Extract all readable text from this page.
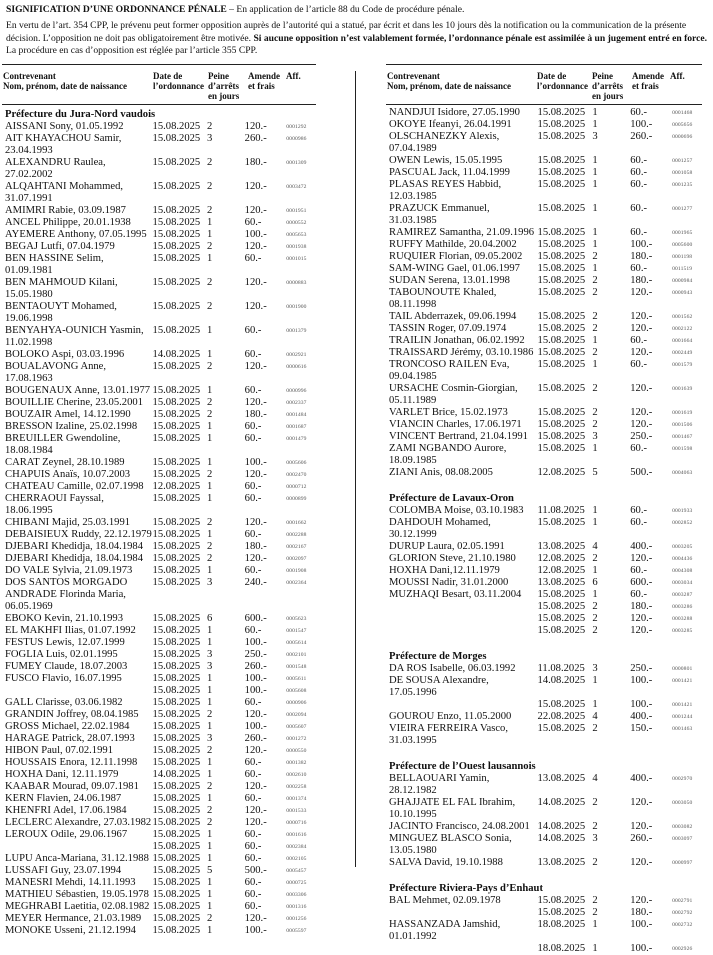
SIGNIFICATION D’UNE ORDONNANCE PÉNALE – En application de l’article 88 du Code de procédure pénale.

En vertu de l’art. 354 CPP, le prévenu peut former opposition auprès de l’autorité qui a statué, par écrit et dans les 10 jours dès la notification ou la communication de la présente décision. L’opposition ne doit pas obligatoirement être motivée. Si aucune opposition n’est valablement formée, l’ordonnance pénale est assimilée à un jugement entré en force. La procédure en cas d’opposition est réglée par l’article 355 CPP.

Contrevenant
Nom, prénom, date de naissance
Date de
l’ordonnance
Peine
d’arrêts
en jours
Amende
et frais
Aff.
Préfecture du Jura-Nord vaudois
AISSANI Sony, 01.05.1992	15.08.2025 2	120.-	0001292
AIT KHAYACHOU Samir, 23.04.1993
15.08.2025 3	260.-	0000986
ALEXANDRU Raulea, 27.02.2002
15.08.2025 2	180.-	0001309
ALQAHTANI Mohammed, 31.07.1991
15.08.2025 2	120.-	0003472
AMIMRI Rabie, 03.09.1987	15.08.2025 2	120.-	0001951
ANCEL Philippe, 20.01.1938	15.08.2025 1	60.-	0000552
AYEMERE Anthony, 07.05.1995 15.08.2025 1	100.-	0005653
BEGAJ Lutfi, 07.04.1979	15.08.2025 2	120.-	0001938
BEN HASSINE Selim, 01.09.1981
15.08.2025 1	60.-	0001015
BEN MAHMOUD Kilani, 15.05.1980
15.08.2025 2	120.-	0000883
BENTAOUYT Mohamed, 19.06.1998
15.08.2025 2	120.-	0001900
BENYAHYA-OUNICH Yasmin, 11.02.1998
15.08.2025 1	60.-	0001379
BOLOKO Aspi, 03.03.1996	14.08.2025 1	60.-	0002921
BOUALAVONG Anne, 17.08.1963
15.08.2025 2	120.-	0000616
BOUGENAUX Anne, 13.01.1977 15.08.2025 1	60.-	0000996
BOUILLIE Cherine, 23.05.2001 15.08.2025 2	120.-	0002337
BOUZAIR Amel, 14.12.1990	15.08.2025 2	180.-	0001484
BRESSON Izaline, 25.02.1998	15.08.2025 1	60.-	0001687
BREUILLER Gwendoline, 18.08.1984
15.08.2025 1	60.-	0001479
CARAT Zeynel, 28.10.1989	15.08.2025 1	100.-	0005606
CHAPUIS Anaïs, 10.07.2003	15.08.2025 2	120.-	0002470
CHATEAU Camille, 02.07.1998 12.08.2025 1	60.-	0000712
CHERRAOUI Fayssal, 18.06.1995
15.08.2025 1	60.-	0000899
CHIBANI Majid, 25.03.1991	15.08.2025 2	120.-	0001662
DEBAISIEUX Ruddy, 22.12.1979 15.08.2025 1	60.-	0002288
DJEBARI Khedidja, 18.04.1984 15.08.2025 2	180.-	0002167
DJEBARI Khedidja, 18.04.1984 15.08.2025 2	120.-	0002097
DO VALE Sylvia, 21.09.1973	15.08.2025 1	60.-	0001908
DOS SANTOS MORGADO ANDRADE Florinda Maria, 06.05.1969
15.08.2025 3	240.-	0002364
EBOKO Kevin, 21.10.1993	15.08.2025 6	600.-	0005623
EL MAKHFI Ilias, 01.07.1992	15.08.2025 1	60.-	0001547
FESTUS Lewis, 12.07.1999	15.08.2025 1	100.-	0005614
FOGLIA Luis, 02.01.1995	15.08.2025 3	250.-	0002101
FUMEY Claude, 18.07.2003	15.08.2025 3	260.-	0001548
FUSCO Flavio, 16.07.1995	15.08.2025 1	100.-	0005611
15.08.2025 1	100.-	0005608
GALL Clarisse, 03.06.1982	15.08.2025 1	60.-	0000906
GRANDIN Joffrey, 08.04.1985	15.08.2025 2	120.-	0002094
GROSS Michael, 22.02.1984	15.08.2025 1	100.-	0005607
HARAGE Patrick, 28.07.1993	15.08.2025 3	260.-	0001272
HIBON Paul, 07.02.1991	15.08.2025 2	120.-	0000550
HOUSSAIS Enora, 12.11.1998	15.08.2025 1	60.-	0001382
HOXHA Dani, 12.11.1979	14.08.2025 1	60.-	0002610
KAABAR Mourad, 09.07.1981	15.08.2025 2	120.-	0002258
KERN Flavien, 24.06.1987	15.08.2025 1	60.-	0001374
KHENFRI Adel, 17.06.1984	15.08.2025 2	120.-	0001533
LECLERC Alexandre, 27.03.1982 15.08.2025 2	120.-	0000716
LEROUX Odile, 29.06.1967	15.08.2025 1	60.-	0001616
15.08.2025 1	60.-	0002384
LUPU Anca-Mariana, 31.12.1988 15.08.2025 1	60.-	0002105
LUSSAFI Guy, 23.07.1994	15.08.2025 5	500.-	0005457
MANESRI Mehdi, 14.11.1993	15.08.2025 1	60.-	0000725
MATHIEU Sébastien, 19.05.1978 15.08.2025 1	60.-	0003306
MEGHRABI Laetitia, 02.08.1982 15.08.2025 1	60.-	0001316
MEYER Hermance, 21.03.1989	15.08.2025 2	120.-	0001256
MONOKE Usseni, 21.12.1994	15.08.2025 1	100.-	0005597
Contrevenant
Nom, prénom, date de naissance
Date de
l’ordonnance
Peine
d’arrêts
en jours
Amende
et frais
Aff.
NANDJUI Isidore, 27.05.1990	15.08.2025 1	60.-	0001468
OKOYE Ifeanyi, 26.04.1991	15.08.2025 1	100.-	0005656
OLSCHANEZKY Alexis, 07.04.1989
15.08.2025 3	260.-	0000696
OWEN Lewis, 15.05.1995	15.08.2025 1	60.-	0001257
PASCUAL Jack, 11.04.1999	15.08.2025 1	60.-	0001058
PLASAS REYES Habbid, 12.03.1985
15.08.2025 1	60.-	0001235
PRAZUCK Emmanuel, 31.03.1985
15.08.2025 1	60.-	0001277
RAMIREZ Samantha, 21.09.1996 15.08.2025 1	60.-	0001965
RUFFY Mathilde, 20.04.2002	15.08.2025 1	100.-	0005600
RUQUIER Florian, 09.05.2002	15.08.2025 2	180.-	0001198
SAM-WING Gael, 01.06.1997	15.08.2025 1	60.-	0011519
SUDAN Serena, 13.01.1998	15.08.2025 2	180.-	0000984
TABOUNOUTE Khaled, 08.11.1998
15.08.2025 2	120.-	0000943
TAIL Abderrazek, 09.06.1994	15.08.2025 2	120.-	0001562
TASSIN Roger, 07.09.1974	15.08.2025 2	120.-	0002122
TRAILIN Jonathan, 06.02.1992	15.08.2025 1	60.-	0001664
TRAISSARD Jérémy, 03.10.1986 15.08.2025 2	120.-	0002449
TRONCOSO RAILEN Eva, 09.04.1985
15.08.2025 1	60.-	0001579
URSACHE Cosmin-Giorgian, 05.11.1989
15.08.2025 2	120.-	0001639
VARLET Brice, 15.02.1973	15.08.2025 2	120.-	0001619
VIANCIN Charles, 17.06.1971	15.08.2025 2	120.-	0001506
VINCENT Bertrand, 21.04.1991 15.08.2025 3	250.-	0001467
ZAMI NGBANDO Aurore, 18.09.1985
15.08.2025 1	60.-	0001598
ZIANI Anis, 08.08.2005	12.08.2025 5	500.-	0004063
Préfecture de Lavaux-Oron
COLOMBA Moise, 03.10.1983	11.08.2025 1	60.-	0001933
DAHDOUH Mohamed, 30.12.1999
15.08.2025 1	60.-	0002852
DURUP Laura, 02.05.1991	13.08.2025 4	400.-	0003205
GLORION Steve, 21.10.1980	12.08.2025 2	120.-	0004436
HOXHA Dani,12.11.1979	12.08.2025 1	60.-	0004308
MOUSSI Nadir, 31.01.2000	13.08.2025 6	600.-	0003034
MUZHAQI Besart, 03.11.2004	15.08.2025 1	60.-	0003287
15.08.2025 2	180.-	0003286
15.08.2025 2	120.-	0003288
15.08.2025 2	120.-	0003285
Préfecture de Morges
DA ROS Isabelle, 06.03.1992	11.08.2025 3	250.-	0000801
DE SOUSA Alexandre, 17.05.1996
14.08.2025 1	100.-	0001421
15.08.2025 1	100.-	0001421
GOUROU Enzo, 11.05.2000	22.08.2025 4	400.-	0001244
VIEIRA FERREIRA Vasco, 31.03.1995
15.08.2025 2	150.-	0001463
Préfecture de l’Ouest lausannois
BELLAOUARI Yamin, 28.12.1982
13.08.2025 4	400.-	0002970
GHAJJATE EL FAL Ibrahim, 10.10.1995
14.08.2025 2	120.-	0003050
JACINTO Francisco, 24.08.2001 14.08.2025 2	120.-	0003082
MINGUEZ BLASCO Sonia, 13.05.1980
14.08.2025 3	260.-	0003097
SALVA David, 19.10.1988	13.08.2025 2	120.-	0000997
Préfecture Riviera-Pays d’Enhaut
BAL Mehmet, 02.09.1978	15.08.2025 2	120.-	0002791
15.08.2025 2	180.-	0002792
HASSANZADA Jamshid, 01.01.1992
18.08.2025 1	100.-	0002732
18.08.2025 1	100.-	0002926
